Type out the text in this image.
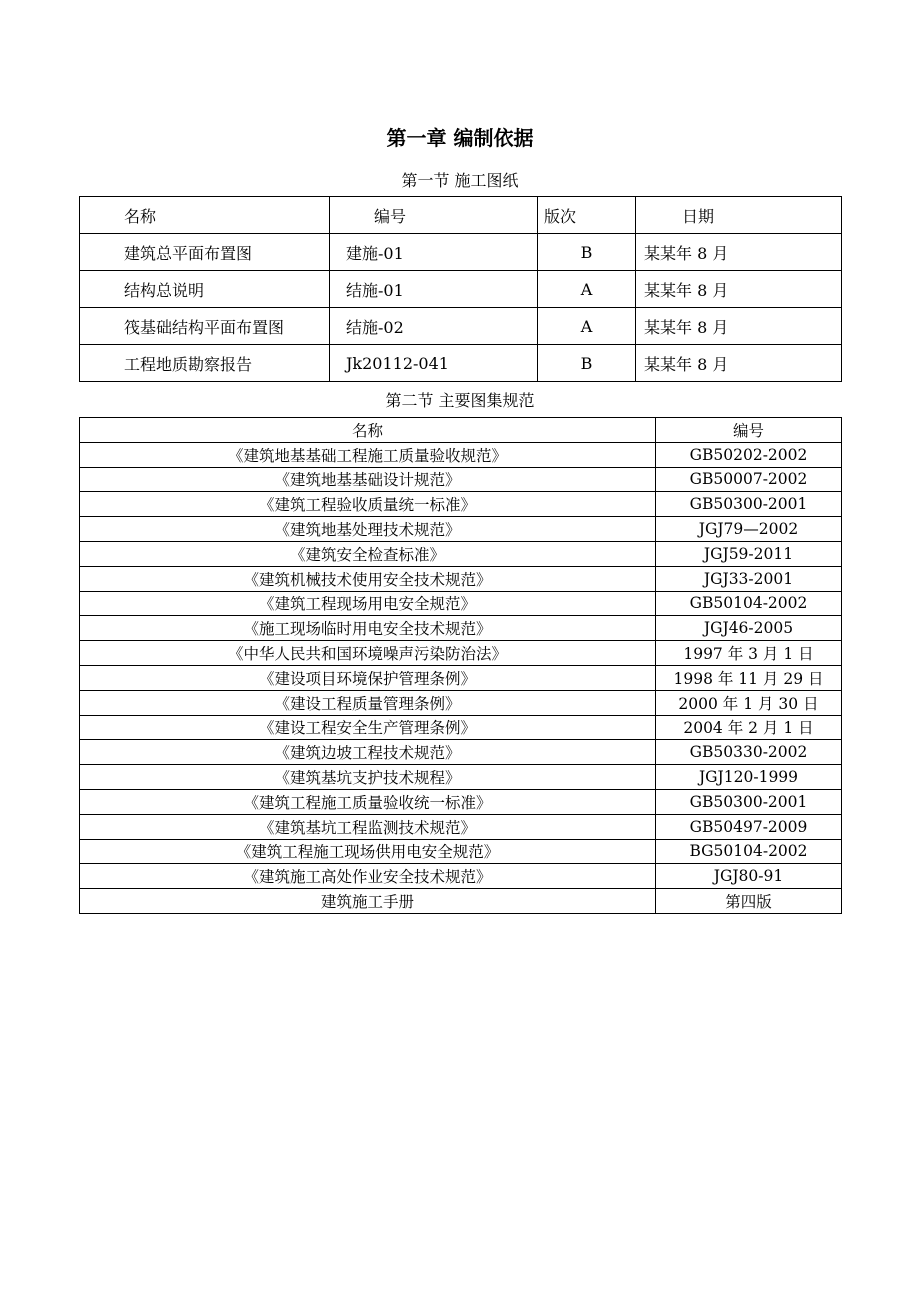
第一章 编制依据
第一节 施工图纸
名称	编号	版次	日期
建筑总平面布置图	建施-01	B	某某年 8 月
结构总说明	结施-01	A	某某年 8 月
筏基础结构平面布置图	结施-02	A	某某年 8 月
工程地质勘察报告	Jk20112-041	B	某某年 8 月
第二节 主要图集规范
名称	编号
《建筑地基基础工程施工质量验收规范》	GB50202-2002
《建筑地基基础设计规范》	GB50007-2002
《建筑工程验收质量统一标准》	GB50300-2001
《建筑地基处理技术规范》	JGJ79—2002
《建筑安全检查标准》	JGJ59-2011
《建筑机械技术使用安全技术规范》	JGJ33-2001
《建筑工程现场用电安全规范》	GB50104-2002
《施工现场临时用电安全技术规范》	JGJ46-2005
《中华人民共和国环境噪声污染防治法》	1997 年 3 月 1 日
《建设项目环境保护管理条例》	1998 年 11 月 29 日
《建设工程质量管理条例》	2000 年 1 月 30 日
《建设工程安全生产管理条例》	2004 年 2 月 1 日
《建筑边坡工程技术规范》	GB50330-2002
《建筑基坑支护技术规程》	JGJ120-1999
《建筑工程施工质量验收统一标准》	GB50300-2001
《建筑基坑工程监测技术规范》	GB50497-2009
《建筑工程施工现场供用电安全规范》	BG50104-2002
《建筑施工高处作业安全技术规范》	JGJ80-91
建筑施工手册	第四版
